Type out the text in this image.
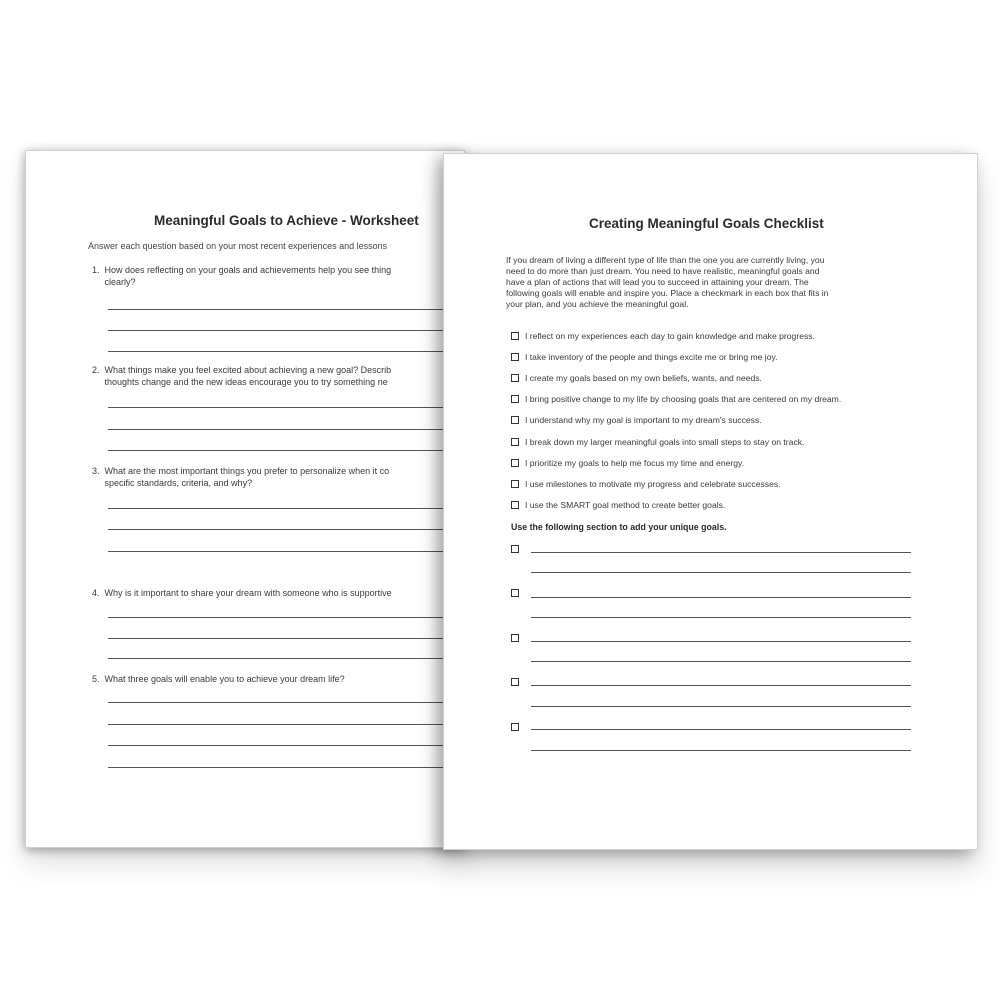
Meaningful Goals to Achieve - Worksheet
Answer each question based on your most recent experiences and lessons
1.  How does reflecting on your goals and achievements help you see thing
clearly?
2.  What things make you feel excited about achieving a new goal? Describ
thoughts change and the new ideas encourage you to try something ne
3.  What are the most important things you prefer to personalize when it co
specific standards, criteria, and why?
4.  Why is it important to share your dream with someone who is supportive
5.  What three goals will enable you to achieve your dream life?
Creating Meaningful Goals Checklist
If you dream of living a different type of life than the one you are currently living, you
need to do more than just dream. You need to have realistic, meaningful goals and
have a plan of actions that will lead you to succeed in attaining your dream. The
following goals will enable and inspire you. Place a checkmark in each box that fits in
your plan, and you achieve the meaningful goal.
I reflect on my experiences each day to gain knowledge and make progress.
I take inventory of the people and things excite me or bring me joy.
I create my goals based on my own beliefs, wants, and needs.
I bring positive change to my life by choosing goals that are centered on my dream.
I understand why my goal is important to my dream's success.
I break down my larger meaningful goals into small steps to stay on track.
I prioritize my goals to help me focus my time and energy.
I use milestones to motivate my progress and celebrate successes.
I use the SMART goal method to create better goals.
Use the following section to add your unique goals.
